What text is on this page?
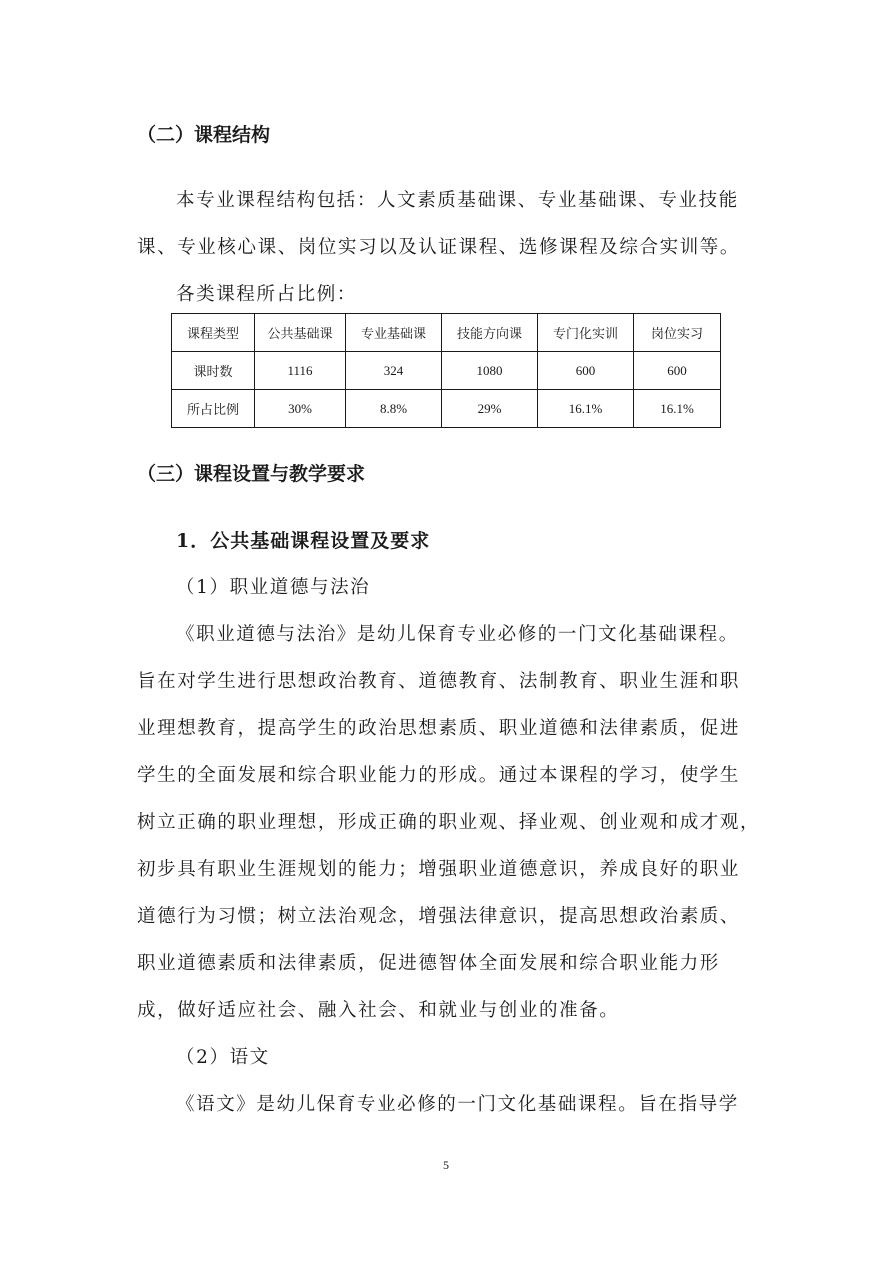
（二）课程结构
本专业课程结构包括：人文素质基础课、专业基础课、专业技能
课、专业核心课、岗位实习以及认证课程、选修课程及综合实训等。
各类课程所占比例：
课程类型	公共基础课	专业基础课	技能方向课	专门化实训	岗位实习
课时数	1116	324	1080	600	600
所占比例	30%	8.8%	29%	16.1%	16.1%
（三）课程设置与教学要求
1．公共基础课程设置及要求
（1）职业道德与法治
《职业道德与法治》是幼儿保育专业必修的一门文化基础课程。
旨在对学生进行思想政治教育、道德教育、法制教育、职业生涯和职
业理想教育，提高学生的政治思想素质、职业道德和法律素质，促进
学生的全面发展和综合职业能力的形成。通过本课程的学习，使学生
树立正确的职业理想，形成正确的职业观、择业观、创业观和成才观，
初步具有职业生涯规划的能力；增强职业道德意识，养成良好的职业
道德行为习惯；树立法治观念，增强法律意识，提高思想政治素质、
职业道德素质和法律素质，促进德智体全面发展和综合职业能力形
成，做好适应社会、融入社会、和就业与创业的准备。
（2）语文
《语文》是幼儿保育专业必修的一门文化基础课程。旨在指导学
5
